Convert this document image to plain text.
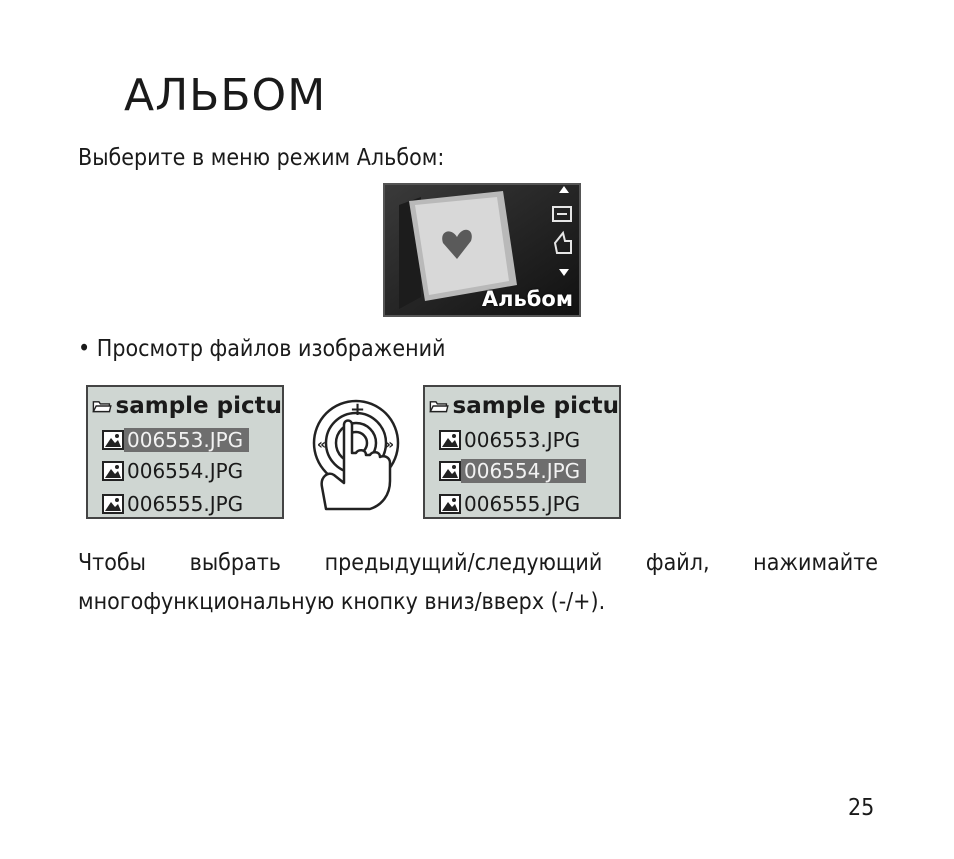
АЛЬБОМ

Выберите в меню режим Альбом:

Альбом

• Просмотр файлов изображений

sample pictu
006553.JPG
006554.JPG
006555.JPG
+
«	»
sample pictu
006553.JPG
006554.JPG
006555.JPG

Чтобы выбрать предыдущий/следующий файл, нажимайте многофункциональную кнопку вниз/вверх (-/+).

25
